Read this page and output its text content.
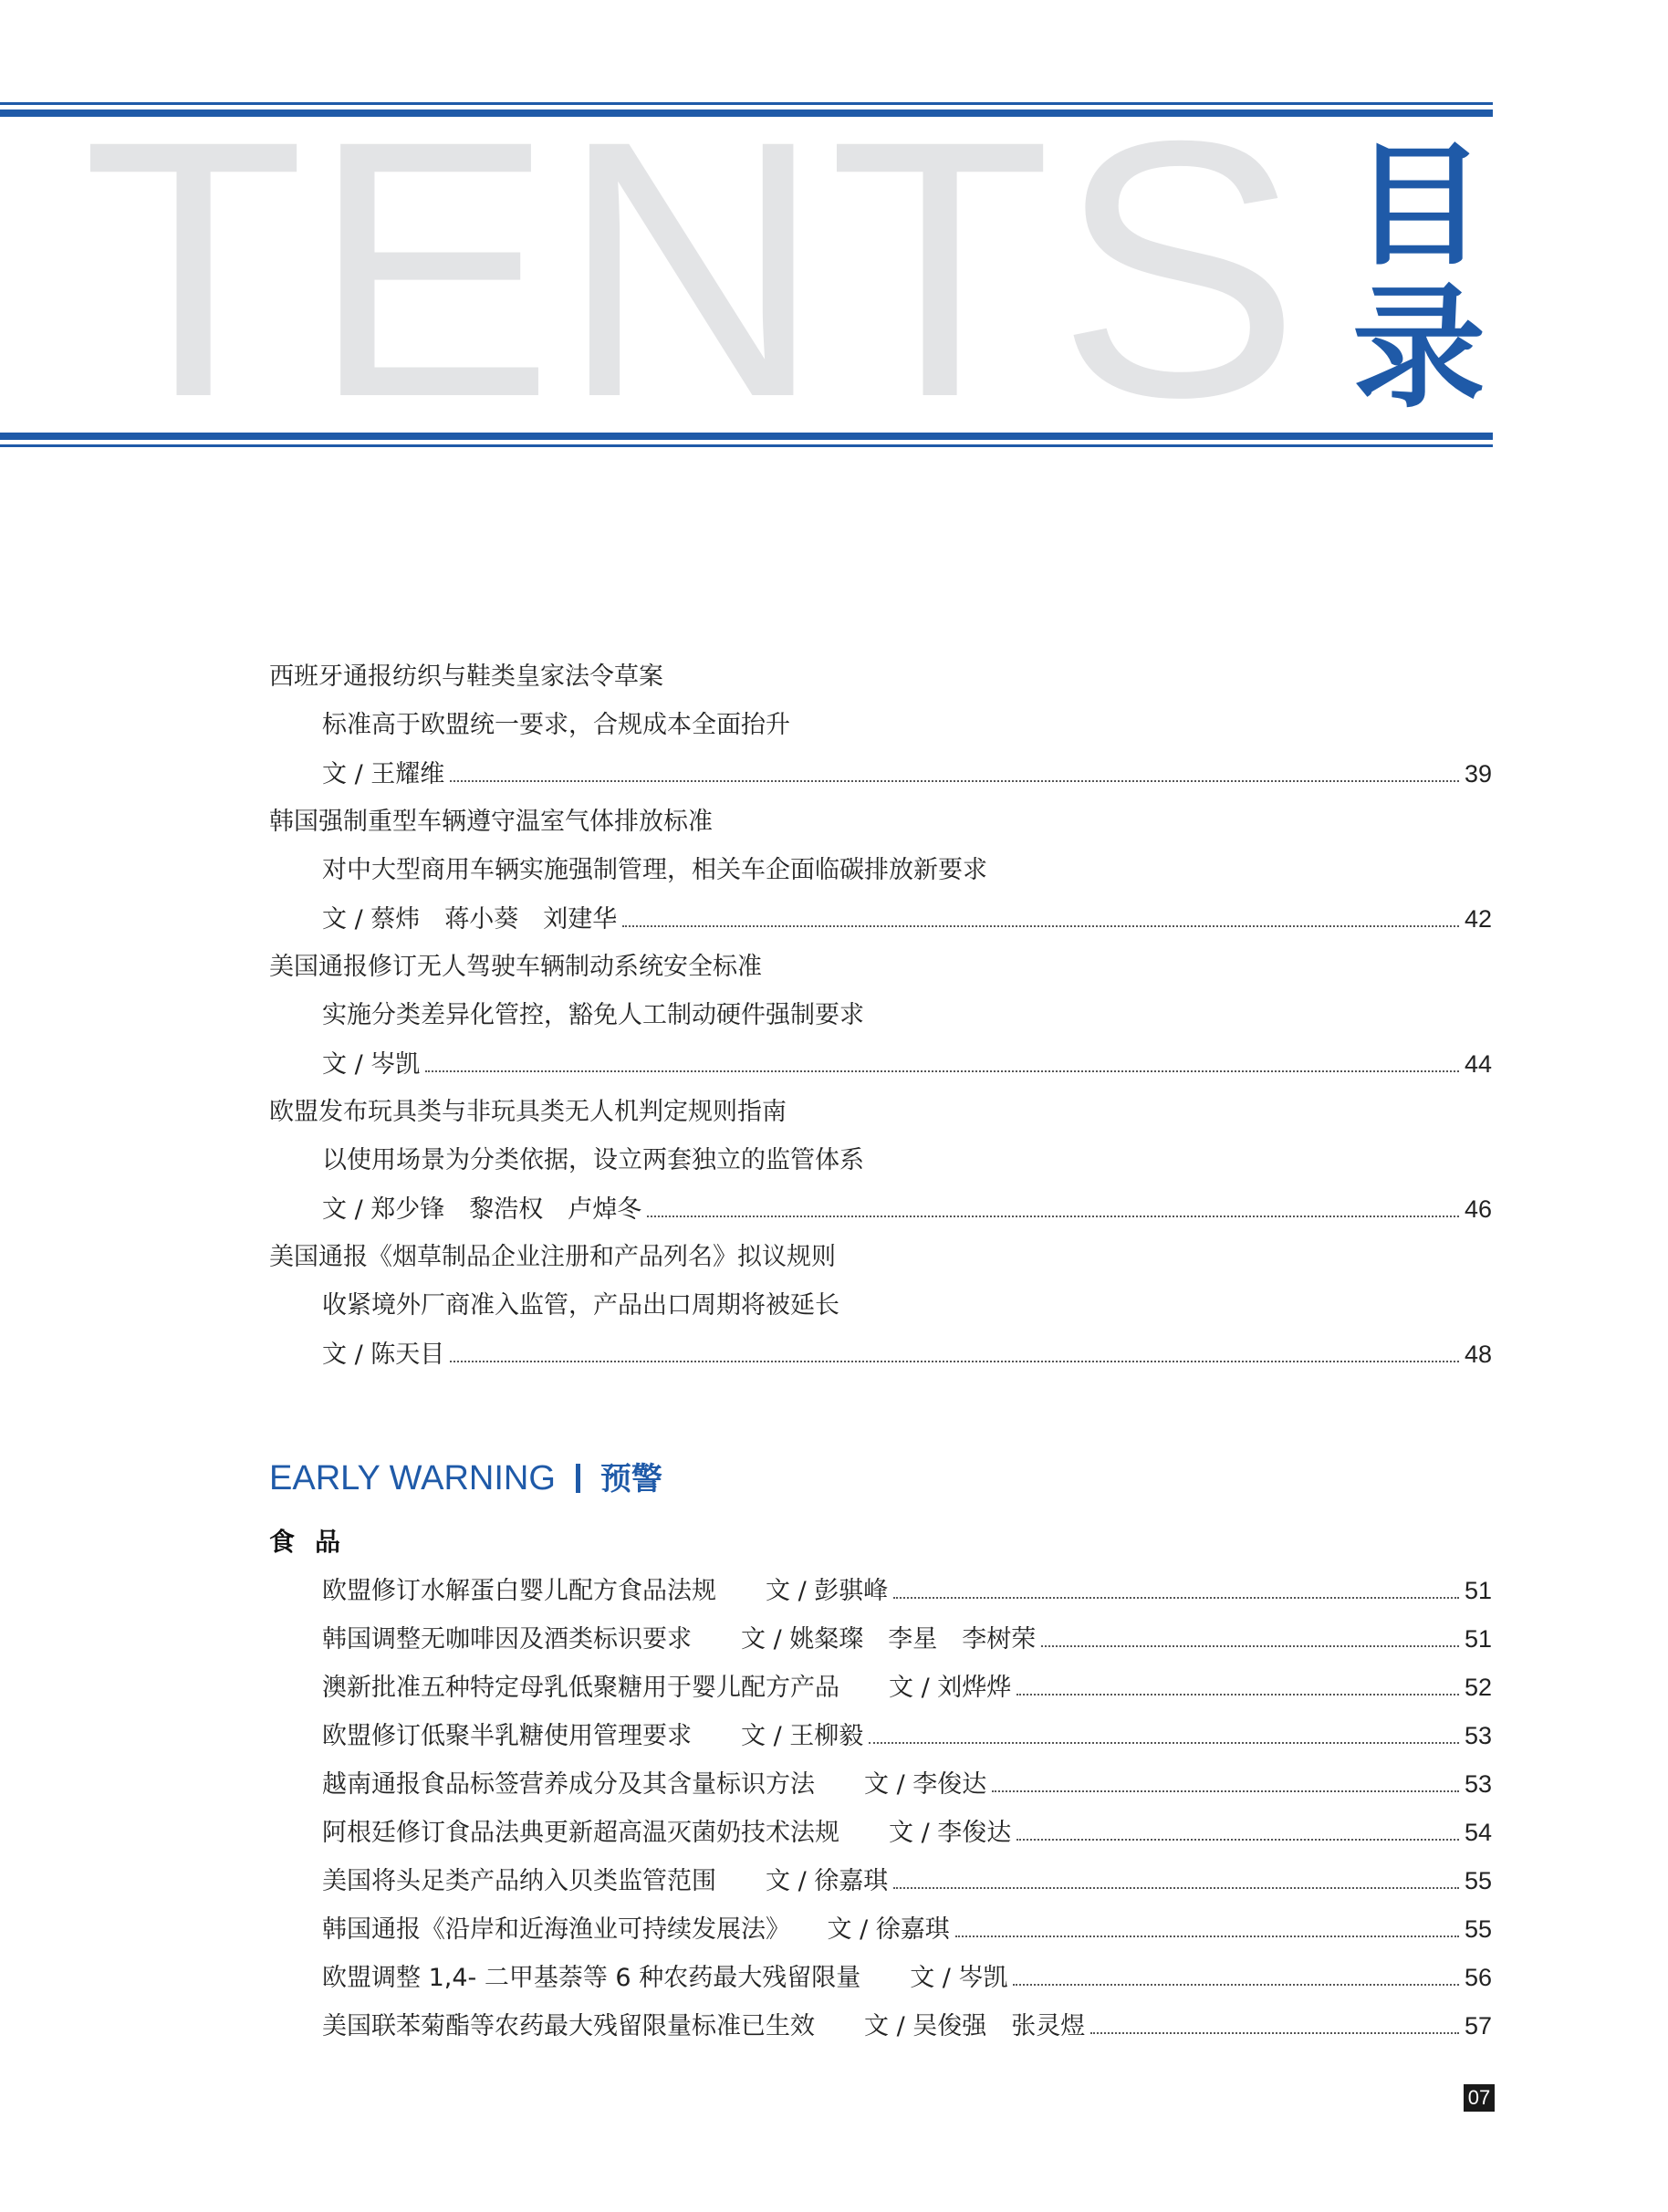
TENTS 目
录
西班牙通报纺织与鞋类皇家法令草案
标准高于欧盟统一要求，合规成本全面抬升
文 / 王耀维	39
韩国强制重型车辆遵守温室气体排放标准
对中大型商用车辆实施强制管理，相关车企面临碳排放新要求
文 / 蔡炜　蒋小葵　刘建华	42
美国通报修订无人驾驶车辆制动系统安全标准
实施分类差异化管控，豁免人工制动硬件强制要求
文 / 岑凯	44
欧盟发布玩具类与非玩具类无人机判定规则指南
以使用场景为分类依据，设立两套独立的监管体系
文 / 郑少锋　黎浩权　卢焯冬	46
美国通报《烟草制品企业注册和产品列名》拟议规则
收紧境外厂商准入监管，产品出口周期将被延长
文 / 陈天目	48
EARLY WARNING 预警
食品
欧盟修订水解蛋白婴儿配方食品法规　　文 / 彭骐峰	51
韩国调整无咖啡因及酒类标识要求　　文 / 姚粲璨　李星　李树荣	51
澳新批准五种特定母乳低聚糖用于婴儿配方产品　　文 / 刘烨烨	52
欧盟修订低聚半乳糖使用管理要求　　文 / 王柳毅	53
越南通报食品标签营养成分及其含量标识方法　　文 / 李俊达	53
阿根廷修订食品法典更新超高温灭菌奶技术法规　　文 / 李俊达	54
美国将头足类产品纳入贝类监管范围　　文 / 徐嘉琪	55
韩国通报《沿岸和近海渔业可持续发展法》　　文 / 徐嘉琪	55
欧盟调整 1,4- 二甲基萘等 6 种农药最大残留限量　　文 / 岑凯	56
美国联苯菊酯等农药最大残留限量标准已生效　　文 / 吴俊强　张灵煜	57
07
